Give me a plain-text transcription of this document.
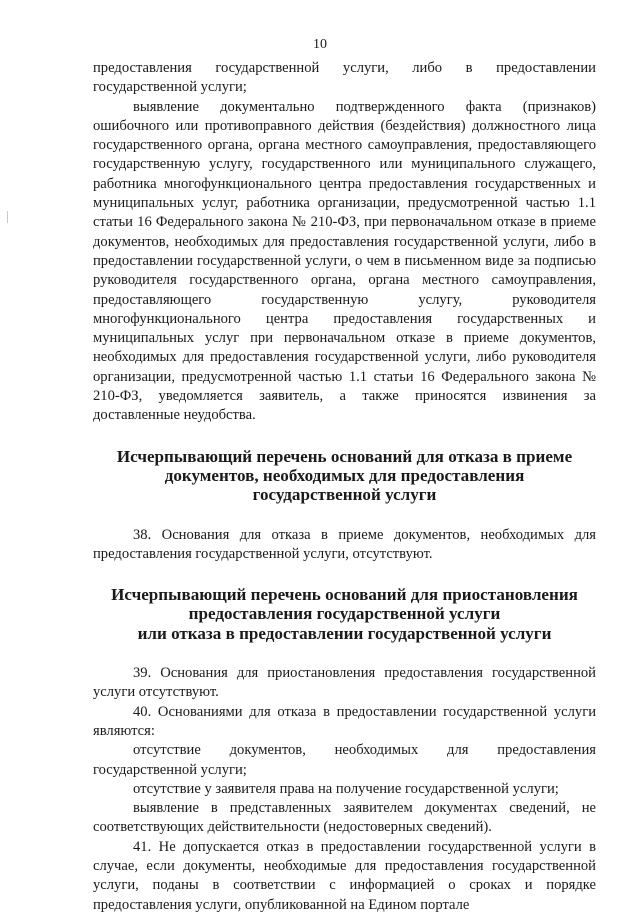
10

предоставления государственной услуги, либо в предоставлении государственной услуги;

выявление документально подтвержденного факта (признаков) ошибочного или противоправного действия (бездействия) должностного лица государственного органа, органа местного самоуправления, предоставляющего государственную услугу, государственного или муниципального служащего, работника многофункционального центра предоставления государственных и муниципальных услуг, работника организации, предусмотренной частью 1.1 статьи 16 Федерального закона № 210-ФЗ, при первоначальном отказе в приеме документов, необходимых для предоставления государственной услуги, либо в предоставлении государственной услуги, о чем в письменном виде за подписью руководителя государственного органа, органа местного самоуправления, предоставляющего государственную услугу, руководителя многофункционального центра предоставления государственных и муниципальных услуг при первоначальном отказе в приеме документов, необходимых для предоставления государственной услуги, либо руководителя организации, предусмотренной частью 1.1 статьи 16 Федерального закона № 210-ФЗ, уведомляется заявитель, а также приносятся извинения за доставленные неудобства.

Исчерпывающий перечень оснований для отказа в приеме
документов, необходимых для предоставления
государственной услуги

38. Основания для отказа в приеме документов, необходимых для предоставления государственной услуги, отсутствуют.

Исчерпывающий перечень оснований для приостановления
предоставления государственной услуги
или отказа в предоставлении государственной услуги

39. Основания для приостановления предоставления государственной услуги отсутствуют.

40. Основаниями для отказа в предоставлении государственной услуги являются:

отсутствие документов, необходимых для предоставления государственной услуги;

отсутствие у заявителя права на получение государственной услуги;

выявление в представленных заявителем документах сведений, не соответствующих действительности (недостоверных сведений).

41. Не допускается отказ в предоставлении государственной услуги в случае, если документы, необходимые для предоставления государственной услуги, поданы в соответствии с информацией о сроках и порядке предоставления услуги, опубликованной на Едином портале
